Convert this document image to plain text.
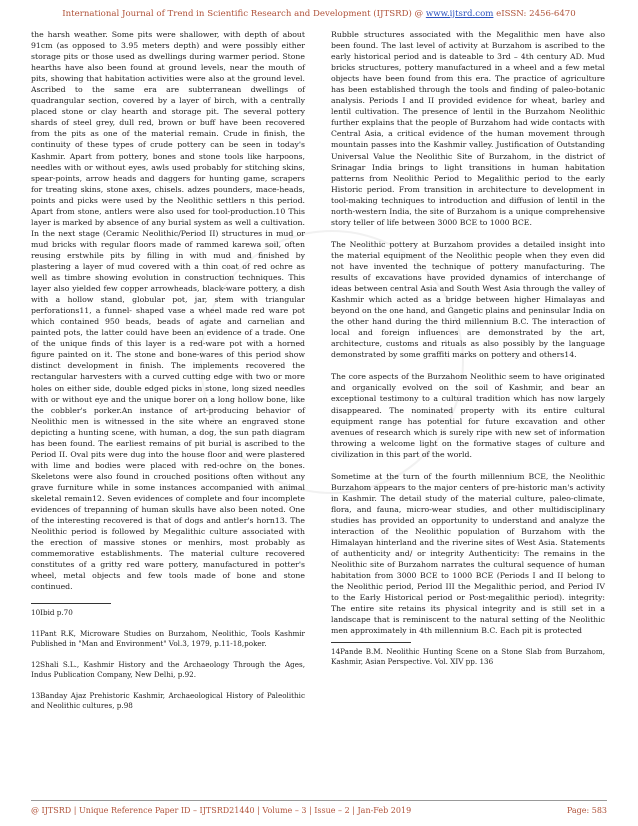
International Journal of Trend in Scientific Research and Development (IJTSRD) @ www.ijtsrd.com eISSN: 2456-6470

the harsh weather. Some pits were shallower, with depth of about 91cm (as opposed to 3.95 meters depth) and were possibly either storage pits or those used as dwellings during warmer period. Stone hearths have also been found at ground levels, near the mouth of pits, showing that habitation activities were also at the ground level. Ascribed to the same era are subterranean dwellings of quadrangular section, covered by a layer of birch, with a centrally placed stone or clay hearth and storage pit. The several pottery shards of steel grey, dull red, brown or buff have been recovered from the pits as one of the material remain. Crude in finish, the continuity of these types of crude pottery can be seen in today's Kashmir. Apart from pottery, bones and stone tools like harpoons, needles with or without eyes, awls used probably for stitching skins, spear-points, arrow heads and daggers for hunting game, scrapers for treating skins, stone axes, chisels. adzes pounders, mace-heads, points and picks were used by the Neolithic settlers n this period. Apart from stone, antlers were also used for tool-production.10 This layer is marked by absence of any burial system as well a cultivation. In the next stage (Ceramic Neolithic/Period II) structures in mud or mud bricks with regular floors made of rammed karewa soil, often reusing erstwhile pits by filling in with mud and finished by plastering a layer of mud covered with a thin coat of red ochre as well as timbre showing evolution in construction techniques. This layer also yielded few copper arrowheads, black-ware pottery, a dish with a hollow stand, globular pot, jar, stem with triangular perforations11, a funnel- shaped vase a wheel made red ware pot which contained 950 beads, beads of agate and carnelian and painted pots, the latter could have been an evidence of a trade. One of the unique finds of this layer is a red-ware pot with a horned figure painted on it. The stone and bone-wares of this period show distinct development in finish. The implements recovered the rectangular harvesters with a curved cutting edge with two or more holes on either side, double edged picks in stone, long sized needles with or without eye and the unique borer on a long hollow bone, like the cobbler's porker.An instance of art-producing behavior of Neolithic men is witnessed in the site where an engraved stone depicting a hunting scene, with human, a dog, the sun path diagram has been found. The earliest remains of pit burial is ascribed to the Period II. Oval pits were dug into the house floor and were plastered with lime and bodies were placed with red-ochre on the bones. Skeletons were also found in crouched positions often without any grave furniture while in some instances accompanied with animal skeletal remain12. Seven evidences of complete and four incomplete evidences of trepanning of human skulls have also been noted. One of the interesting recovered is that of dogs and antler's horn13. The Neolithic period is followed by Megalithic culture associated with the erection of massive stones or menhirs, most probably as commemorative establishments. The material culture recovered constitutes of a gritty red ware pottery, manufactured in potter's wheel, metal objects and few tools made of bone and stone continued.

10Ibid p.70

11Pant R.K, Microware Studies on Burzahom, Neolithic, Tools Kashmir Published in "Man and Environment" Vol.3, 1979, p.11-18,poker.

12Shali S.L., Kashmir History and the Archaeology Through the Ages, Indus Publication Company, New Delhi, p.92.

13Banday Ajaz Prehistoric Kashmir, Archaeological History of Paleolithic and Neolithic cultures, p.98

Rubble structures associated with the Megalithic men have also been found. The last level of activity at Burzahom is ascribed to the early historical period and is dateable to 3rd – 4th century AD. Mud bricks structures, pottery manufactured in a wheel and a few metal objects have been found from this era. The practice of agriculture has been established through the tools and finding of paleo-botanic analysis. Periods I and II provided evidence for wheat, barley and lentil cultivation. The presence of lentil in the Burzahom Neolithic further explains that the people of Burzahom had wide contacts with Central Asia, a critical evidence of the human movement through mountain passes into the Kashmir valley. Justification of Outstanding Universal Value the Neolithic Site of Burzahom, in the district of Srinagar India brings to light transitions in human habitation patterns from Neolithic Period to Megalithic period to the early Historic period. From transition in architecture to development in tool-making techniques to introduction and diffusion of lentil in the north-western India, the site of Burzahom is a unique comprehensive story teller of life between 3000 BCE to 1000 BCE.

The Neolithic pottery at Burzahom provides a detailed insight into the material equipment of the Neolithic people when they even did not have invented the technique of pottery manufacturing. The results of excavations have provided dynamics of interchange of ideas between central Asia and South West Asia through the valley of Kashmir which acted as a bridge between higher Himalayas and beyond on the one hand, and Gangetic plains and peninsular India on the other hand during the third millennium B.C. The interaction of local and foreign influences are demonstrated by the art, architecture, customs and rituals as also possibly by the language demonstrated by some graffiti marks on pottery and others14.

The core aspects of the Burzahom Neolithic seem to have originated and organically evolved on the soil of Kashmir, and bear an exceptional testimony to a cultural tradition which has now largely disappeared. The nominated property with its entire cultural equipment range has potential for future excavation and other avenues of research which is surely ripe with new set of information throwing a welcome light on the formative stages of culture and civilization in this part of the world.

Sometime at the turn of the fourth millennium BCE, the Neolithic Burzahom appears to the major centers of pre-historic man's activity in Kashmir. The detail study of the material culture, paleo-climate, flora, and fauna, micro-wear studies, and other multidisciplinary studies has provided an opportunity to understand and analyze the interaction of the Neolithic population of Burzahom with the Himalayan hinterland and the riverine sites of West Asia. Statements of authenticity and/ or integrity Authenticity: The remains in the Neolithic site of Burzahom narrates the cultural sequence of human habitation from 3000 BCE to 1000 BCE (Periods I and II belong to the Neolithic period, Period III the Megalithic period, and Period IV to the Early Historical period or Post-megalithic period). integrity: The entire site retains its physical integrity and is still set in a landscape that is reminiscent to the natural setting of the Neolithic men approximately in 4th millennium B.C. Each pit is protected

14Pande B.M. Neolithic Hunting Scene on a Stone Slab from Burzahom, Kashmir, Asian Perspective. Vol. XIV pp. 136

@ IJTSRD | Unique Reference Paper ID – IJTSRD21440 | Volume – 3 | Issue – 2 | Jan-Feb 2019	Page: 583
